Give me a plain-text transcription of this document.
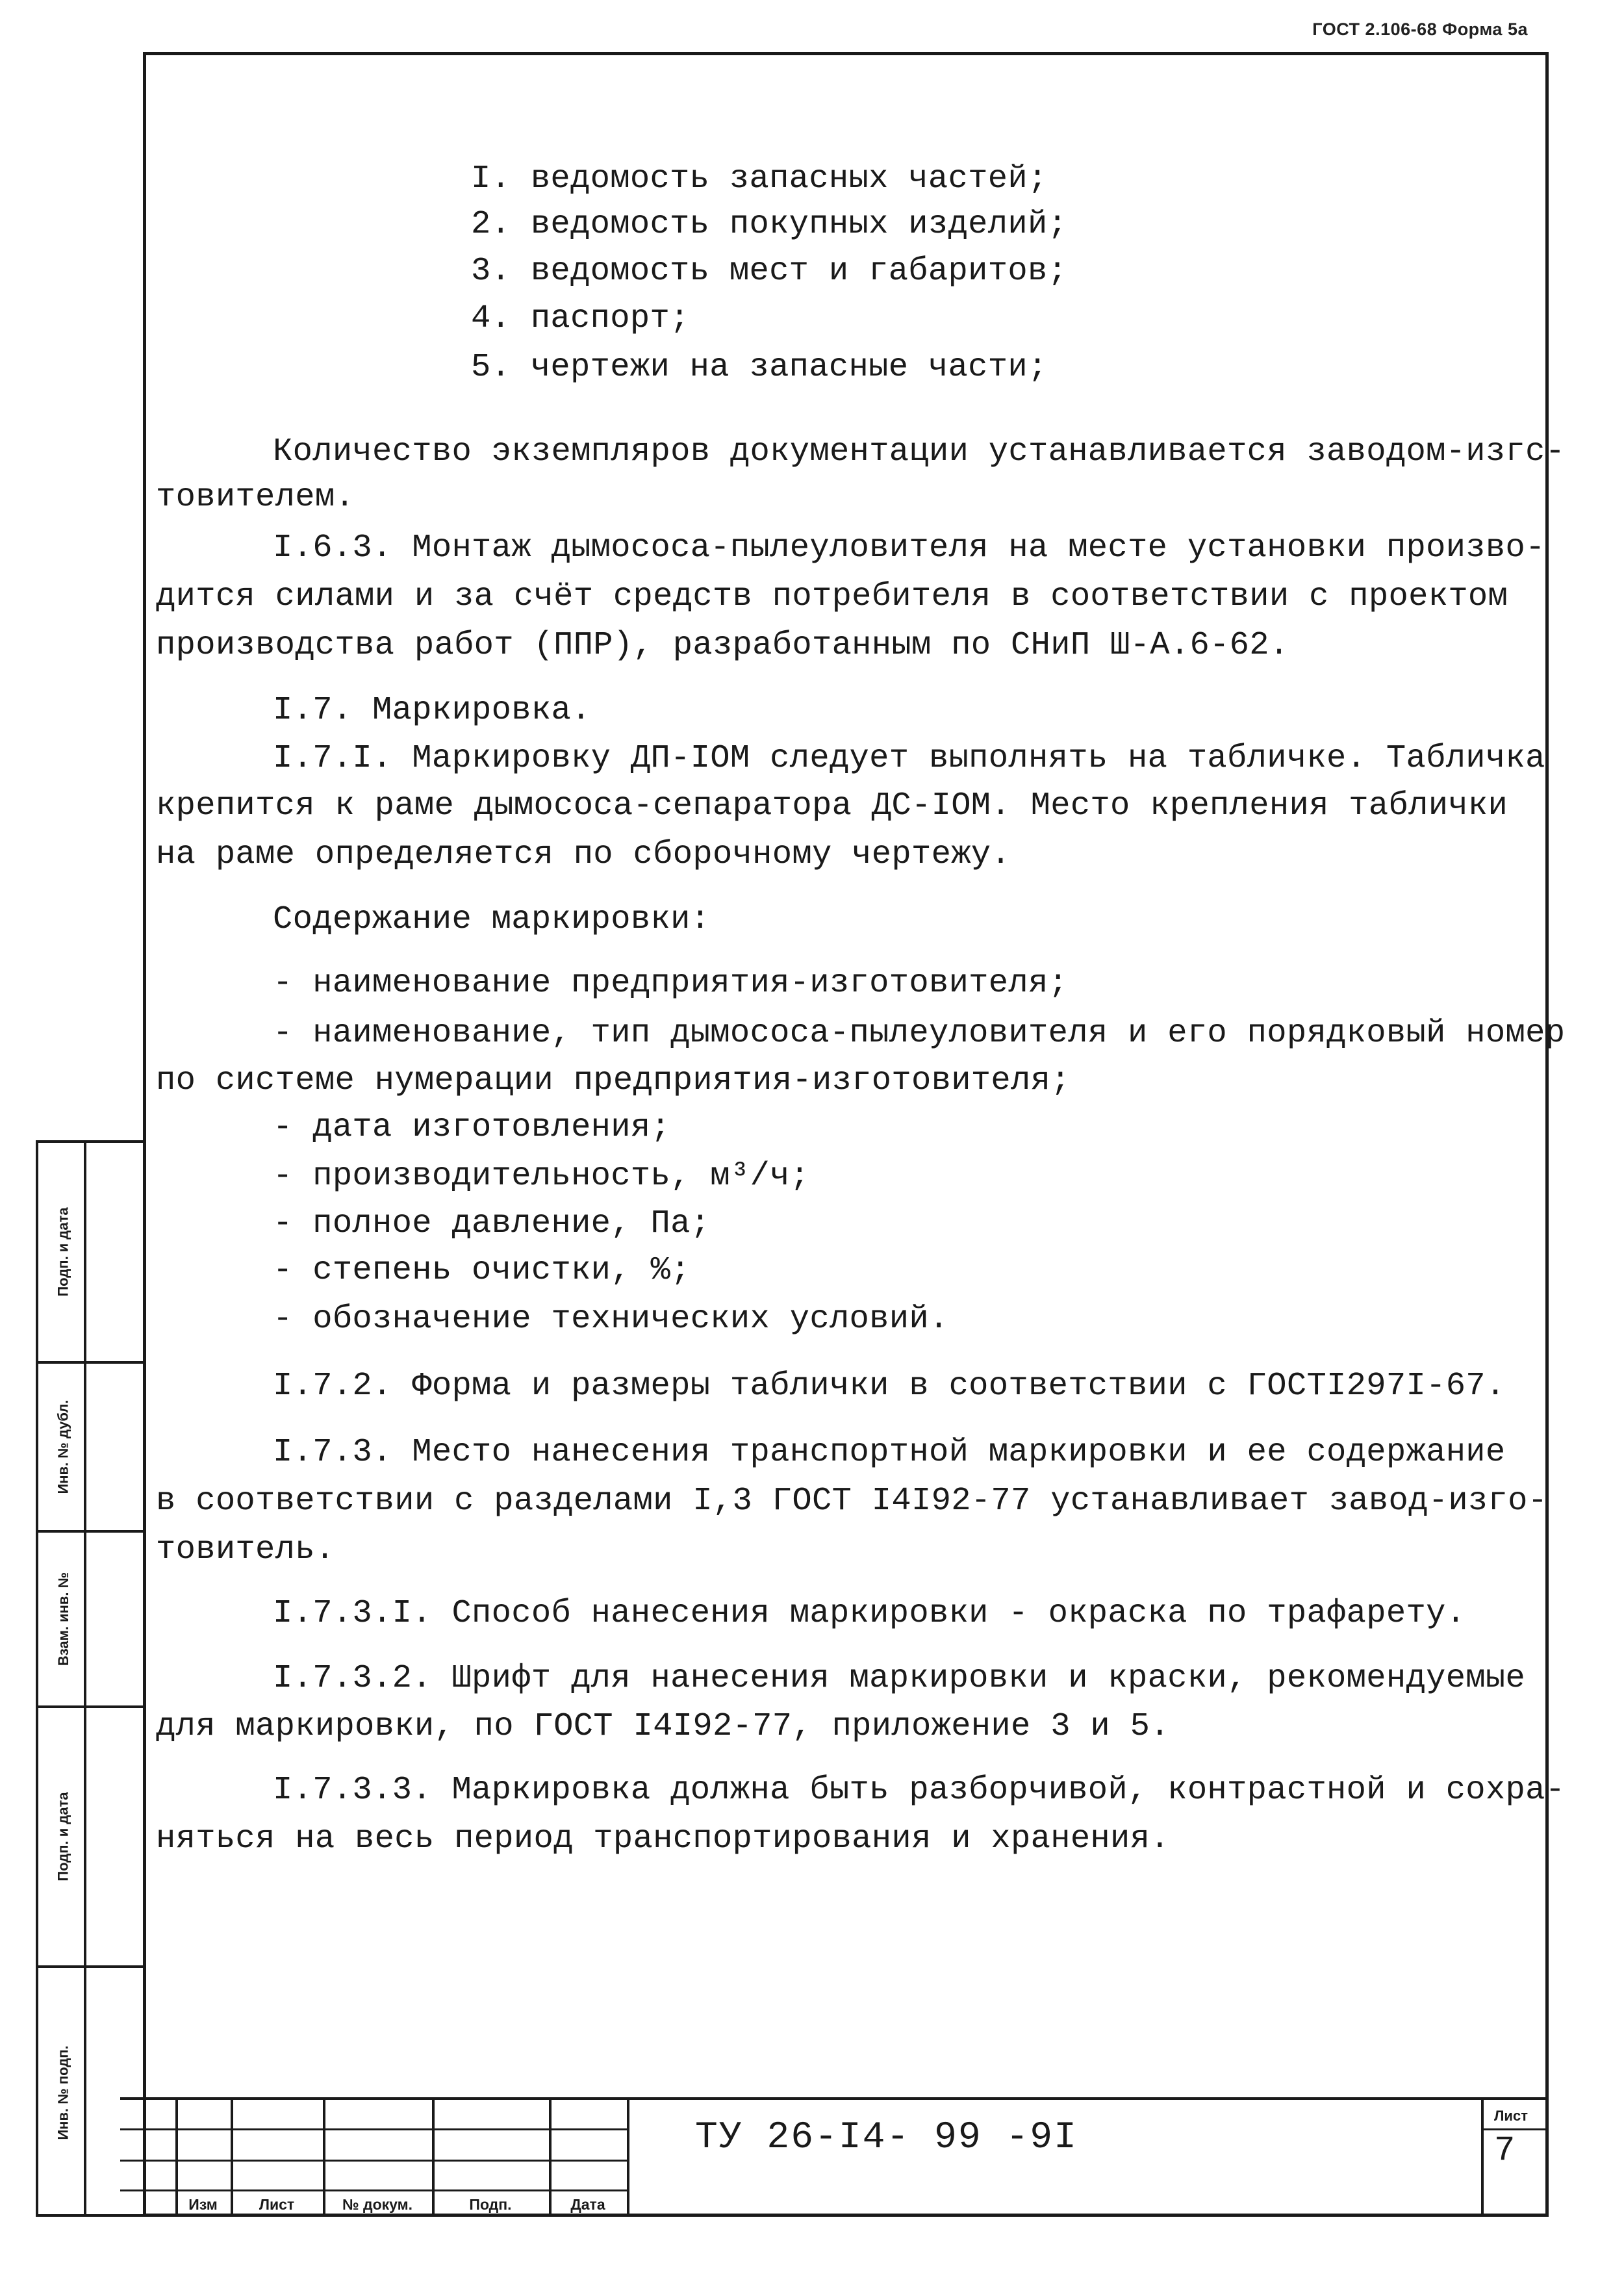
ГОСТ 2.106-68 Форма 5а
I. ведомость запасных частей;
2. ведомость покупных изделий;
3. ведомость мест и габаритов;
4. паспорт;
5. чертежи на запасные части;
Количество экземпляров документации устанавливается заводом-изгс-
товителем.
I.6.3. Монтаж дымососа-пылеуловителя на месте установки произво-
дится силами и за счёт средств потребителя в соответствии с проектом
производства работ (ППР), разработанным по СНиП Ш-А.6-62.
I.7. Маркировка.
I.7.I. Маркировку ДП-IОМ следует выполнять на табличке. Табличка
крепится к раме дымососа-сепаратора ДС-IОМ. Место крепления таблички
на раме определяется по сборочному чертежу.
Содержание маркировки:
- наименование предприятия-изготовителя;
- наименование, тип дымососа-пылеуловителя и его порядковый номер
по системе нумерации предприятия-изготовителя;
- дата изготовления;
- производительность, м³/ч;
- полное давление, Па;
- степень очистки, %;
- обозначение технических условий.
I.7.2. Форма и размеры таблички в соответствии с ГОСТI297I-67.
I.7.3. Место нанесения транспортной маркировки и ее содержание
в соответствии с разделами I,3 ГОСТ I4I92-77 устанавливает завод-изго-
товитель.
I.7.3.I. Способ нанесения маркировки - окраска по трафарету.
I.7.3.2. Шрифт для нанесения маркировки и краски, рекомендуемые
для маркировки, по ГОСТ I4I92-77, приложение 3 и 5.
I.7.3.3. Маркировка должна быть разборчивой, контрастной и сохра-
няться на весь период транспортирования и хранения.
Подп. и дата
Инв. № дубл.
Взам. инв. №
Подп. и дата
Инв. № подп.
Изм	Лист	№ докум.	Подп.	Дата
ТУ 26-I4- 99 -9I
Лист
7
